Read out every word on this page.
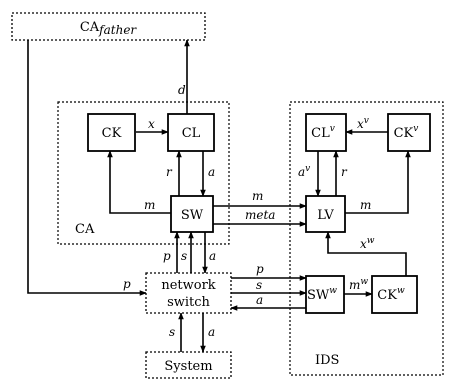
CA
IDS
CAfather
CK	CL
SW
$CL^v$	$CK^v$
LV
network
switch	$SW^w$	$CK^w$
System
d
x
r	a
m
m
meta
m
p s a
p
p
s
a
s	a
r
$x^v$
$a^v$
$x^w$
$m^w$
